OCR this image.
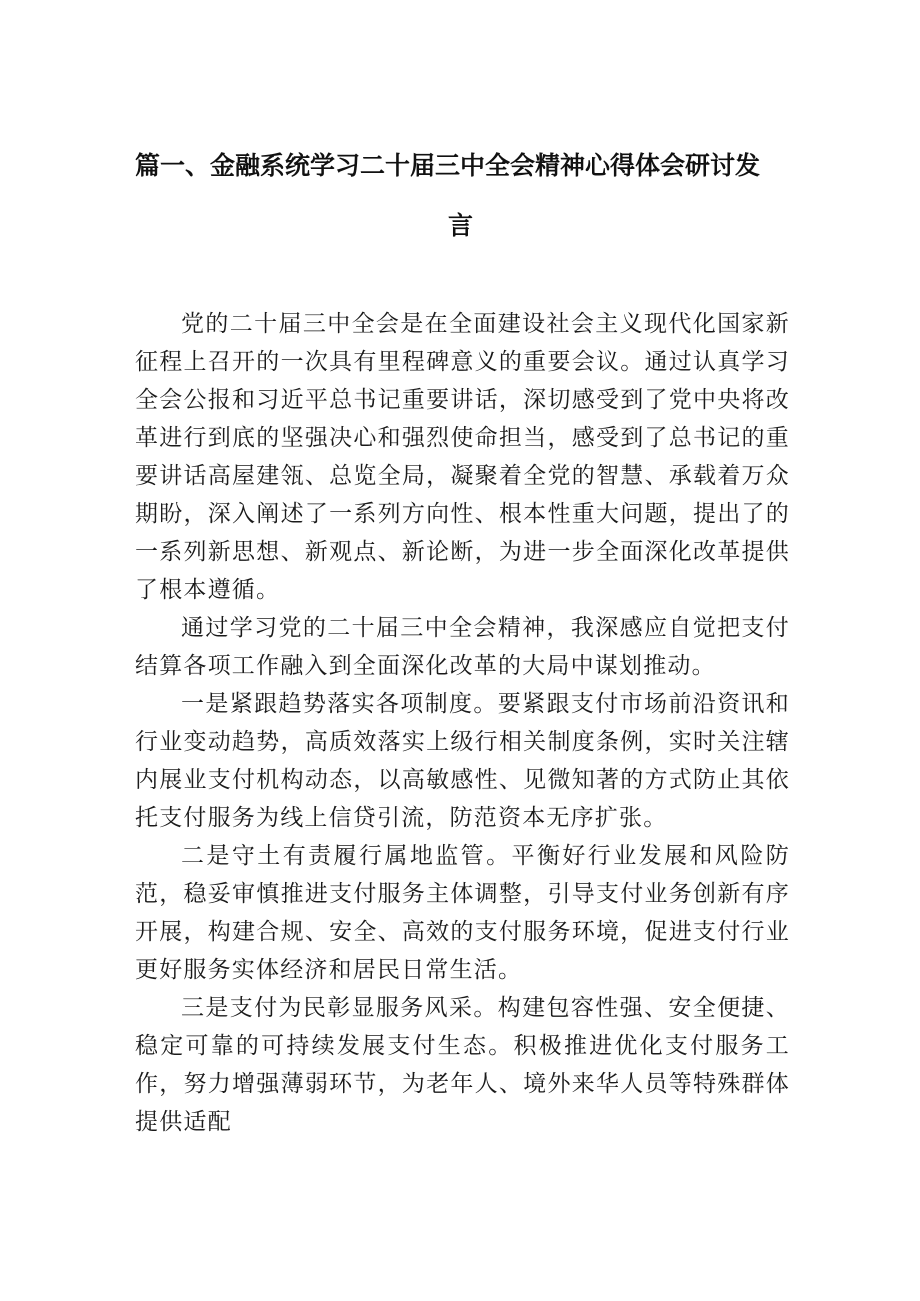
篇一、金融系统学习二十届三中全会精神心得体会研讨发
言

党的二十届三中全会是在全面建设社会主义现代化国家新征程上召开的一次具有里程碑意义的重要会议。通过认真学习全会公报和习近平总书记重要讲话，深切感受到了党中央将改革进行到底的坚强决心和强烈使命担当，感受到了总书记的重要讲话高屋建瓴、总览全局，凝聚着全党的智慧、承载着万众期盼，深入阐述了一系列方向性、根本性重大问题，提出了的一系列新思想、新观点、新论断，为进一步全面深化改革提供了根本遵循。

通过学习党的二十届三中全会精神，我深感应自觉把支付结算各项工作融入到全面深化改革的大局中谋划推动。

一是紧跟趋势落实各项制度。要紧跟支付市场前沿资讯和行业变动趋势，高质效落实上级行相关制度条例，实时关注辖内展业支付机构动态，以高敏感性、见微知著的方式防止其依托支付服务为线上信贷引流，防范资本无序扩张。

二是守土有责履行属地监管。平衡好行业发展和风险防范，稳妥审慎推进支付服务主体调整，引导支付业务创新有序开展，构建合规、安全、高效的支付服务环境，促进支付行业更好服务实体经济和居民日常生活。

三是支付为民彰显服务风采。构建包容性强、安全便捷、稳定可靠的可持续发展支付生态。积极推进优化支付服务工作，努力增强薄弱环节，为老年人、境外来华人员等特殊群体提供适配
